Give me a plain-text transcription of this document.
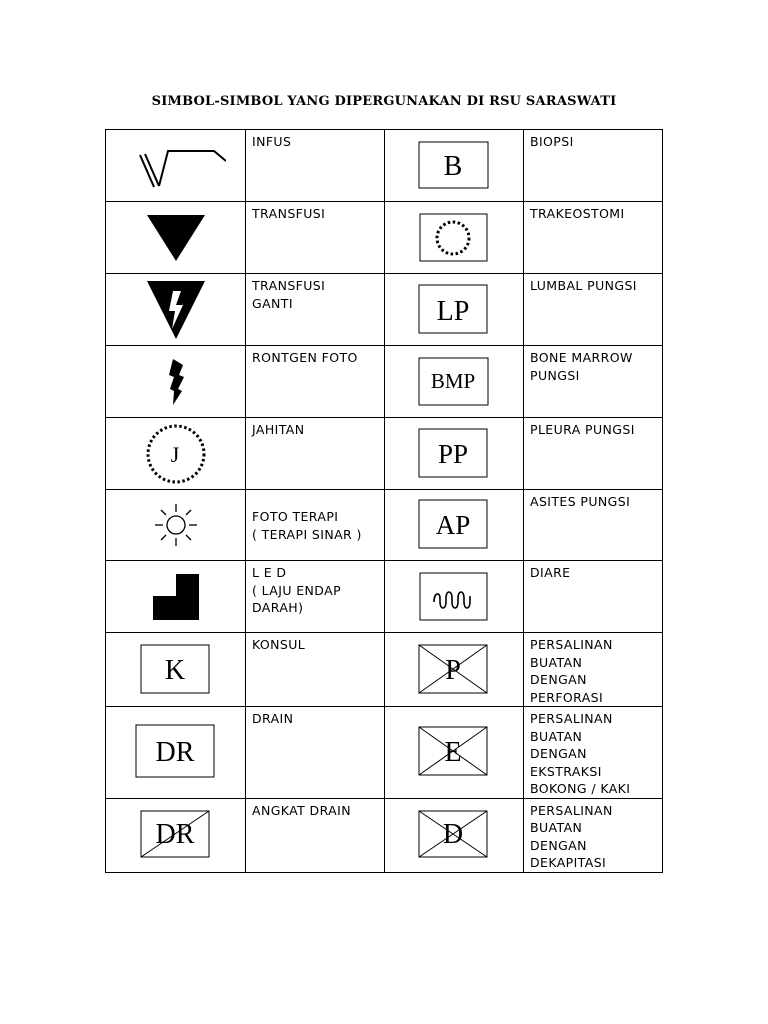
SIMBOL-SIMBOL YANG DIPERGUNAKAN DI RSU SARASWATI
	INFUS	B	BIOPSI

	TRANSFUSI		TRAKEOSTOMI

	TRANSFUSI
GANTI	LP	LUMBAL PUNGSI

	RONTGEN FOTO	BMP	BONE MARROW
PUNGSI

J	JAHITAN	PP	PLEURA PUNGSI

	FOTO TERAPI
( TERAPI SINAR )	AP	ASITES PUNGSI

	L E D
( LAJU ENDAP
DARAH)		DIARE

K	KONSUL	P	PERSALINAN
BUATAN
DENGAN
PERFORASI

DR	DRAIN	E	PERSALINAN
BUATAN
DENGAN
EKSTRAKSI
BOKONG / KAKI

DR	ANGKAT DRAIN	D	PERSALINAN
BUATAN
DENGAN
DEKAPITASI
